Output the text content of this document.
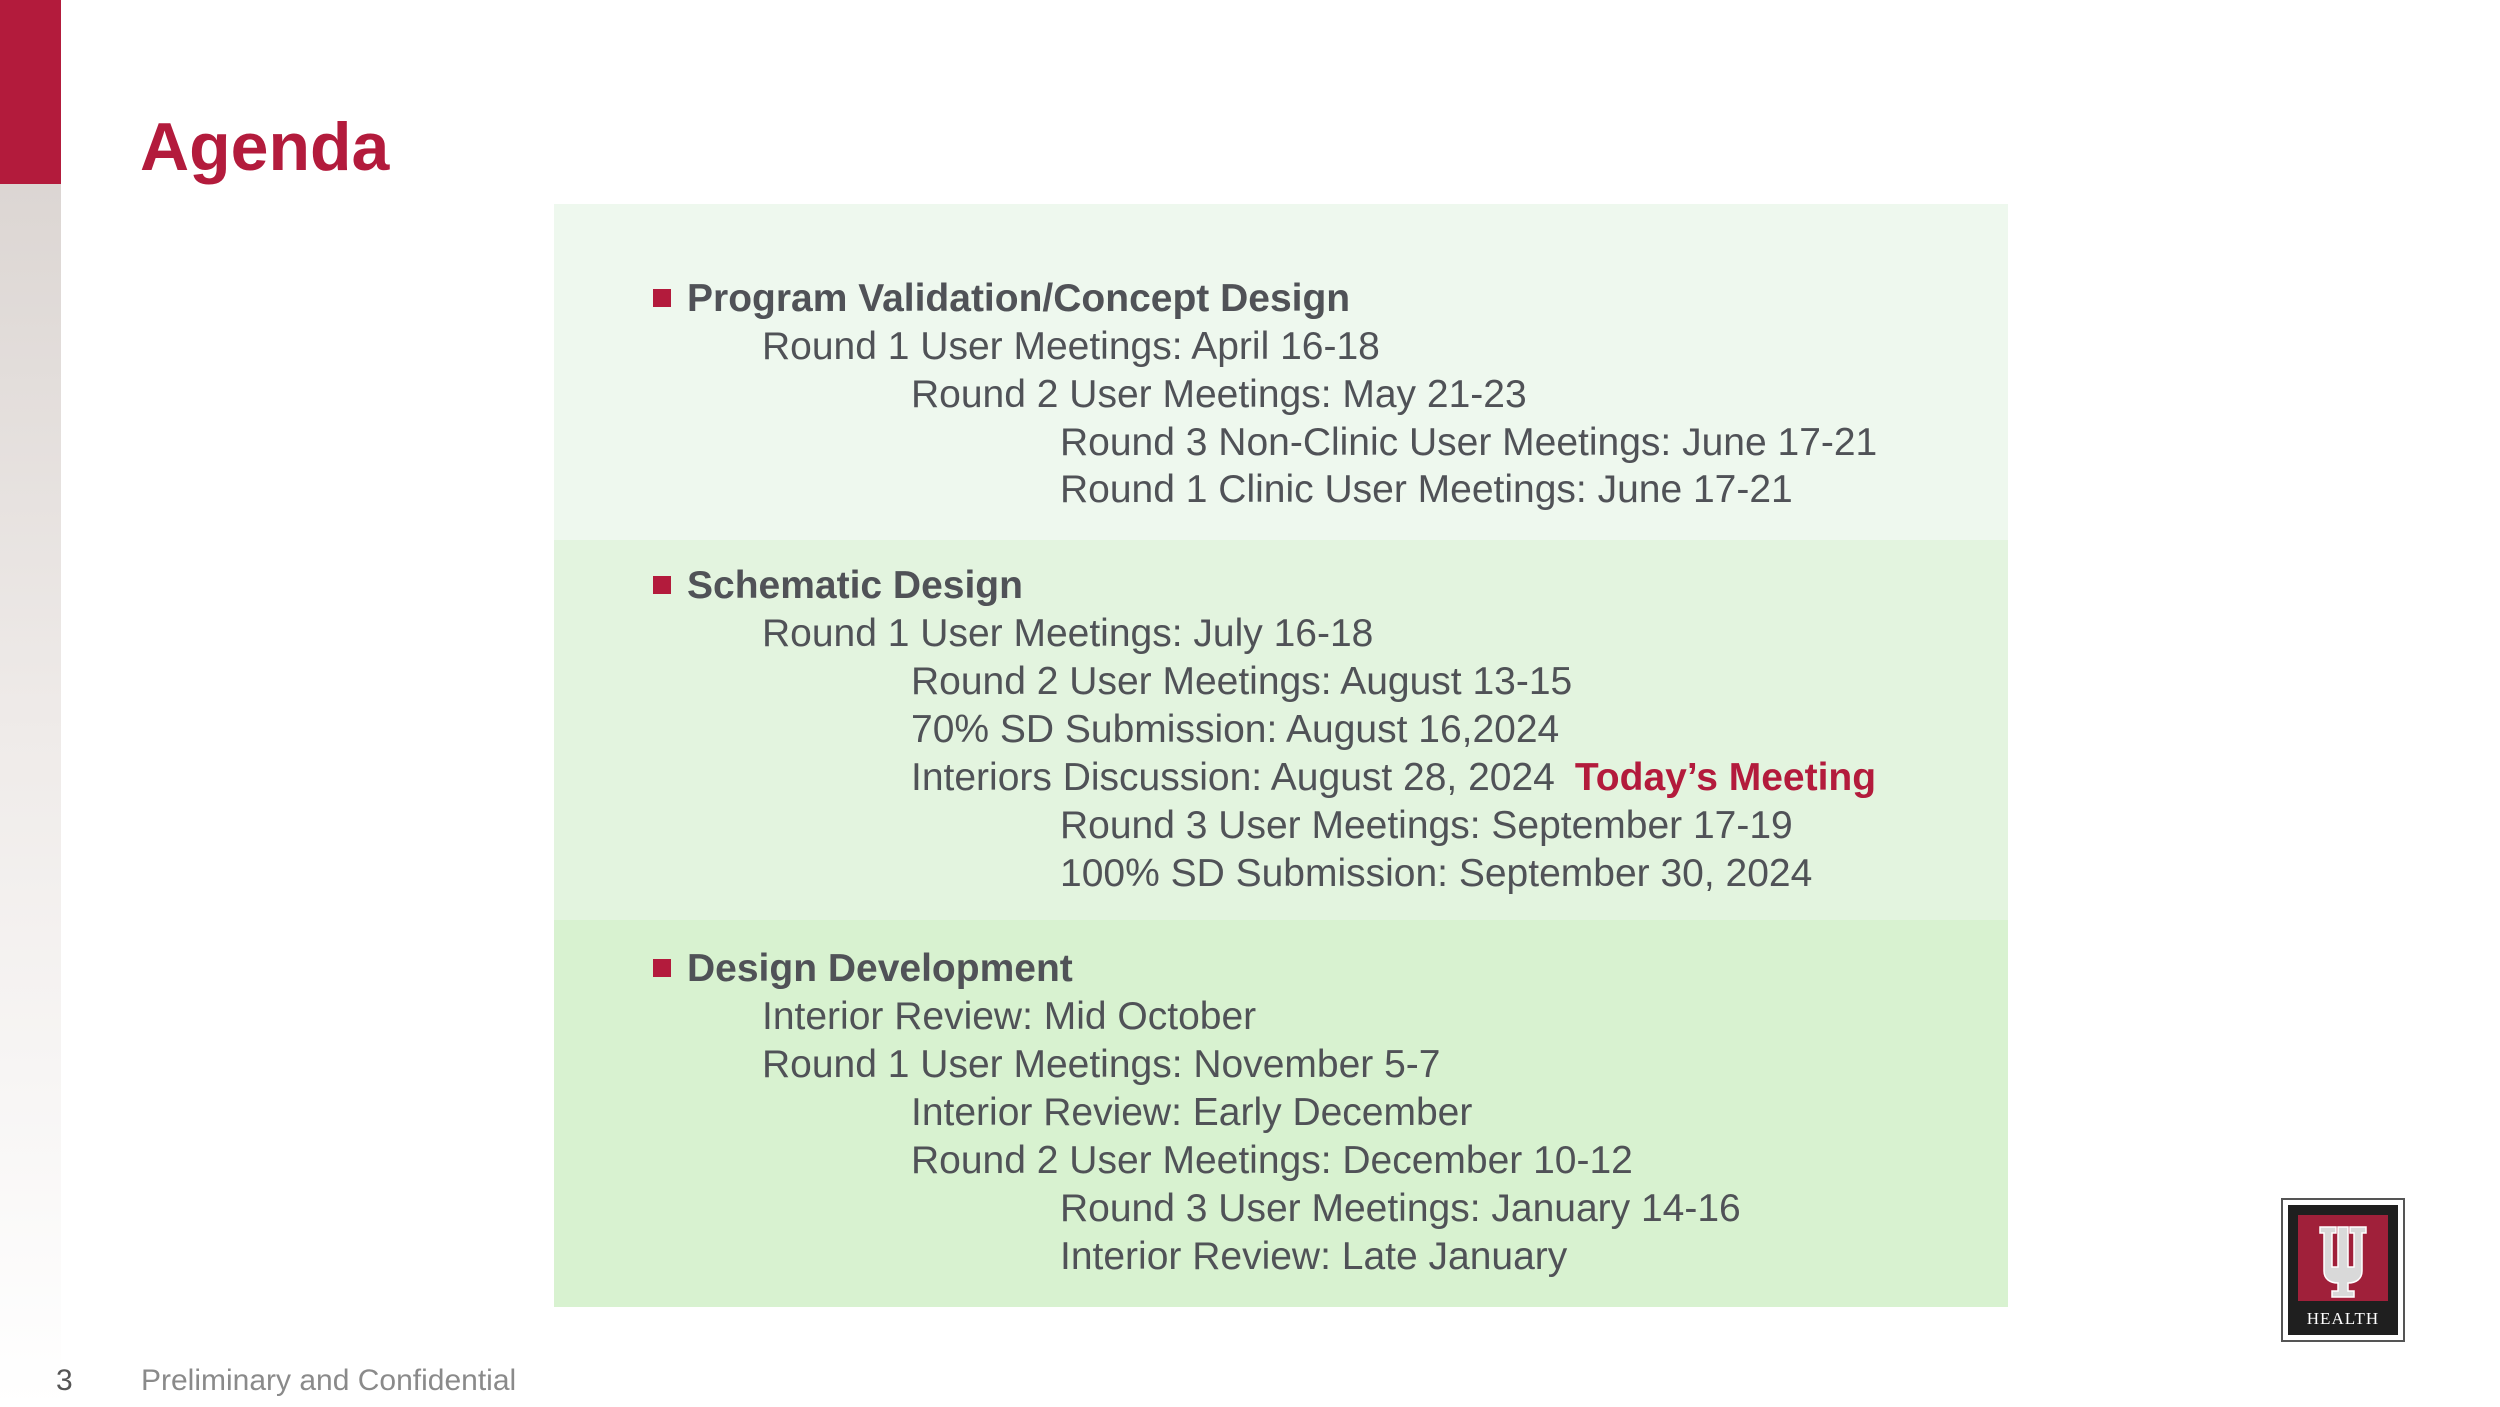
Agenda
Program Validation/Concept Design
Round 1 User Meetings: April 16-18
Round 2 User Meetings: May 21-23
Round 3 Non-Clinic User Meetings: June 17-21
Round 1 Clinic User Meetings: June 17-21
Schematic Design
Round 1 User Meetings: July 16-18
Round 2 User Meetings: August 13-15
70% SD Submission: August 16,2024
Interiors Discussion: August 28, 2024 Today’s Meeting
Round 3 User Meetings: September 17-19
100% SD Submission: September 30, 2024
Design Development
Interior Review: Mid October
Round 1 User Meetings: November 5-7
Interior Review: Early December
Round 2 User Meetings: December 10-12
Round 3 User Meetings: January 14-16
Interior Review: Late January
3 Preliminary and Confidential
HEALTH
